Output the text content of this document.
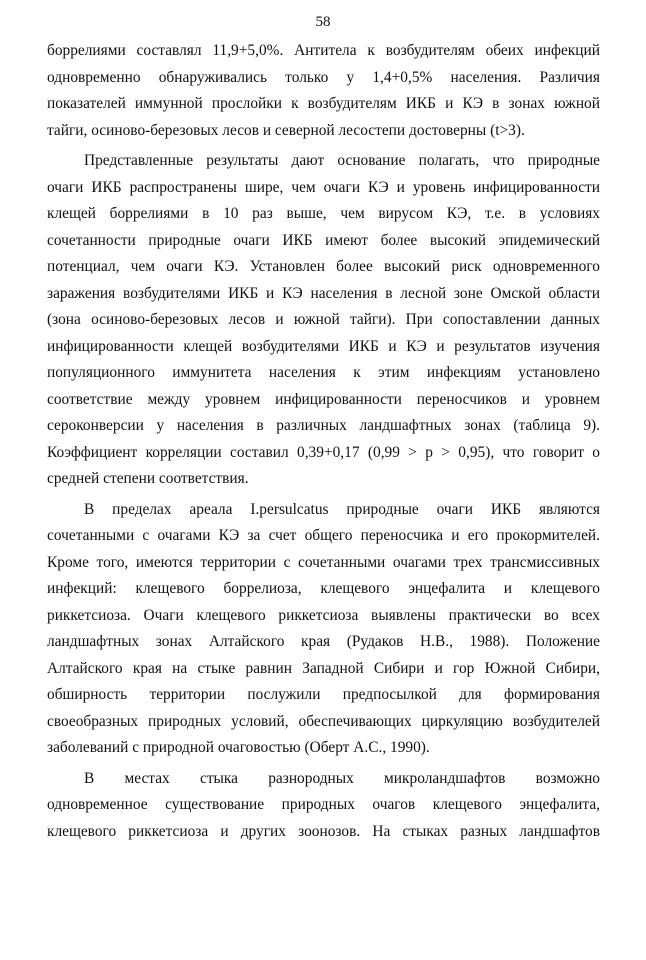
58
боррелиями составлял 11,9+5,0%. Антитела к возбудителям обеих инфекций
одновременно обнаруживались только у 1,4+0,5% населения. Различия
показателей иммунной прослойки к возбудителям ИКБ и КЭ в зонах южной
тайги, осиново-березовых лесов и северной лесостепи достоверны (t>3).
Представленные результаты дают основание полагать, что природные
очаги ИКБ распространены шире, чем очаги КЭ и уровень инфицированности
клещей боррелиями в 10 раз выше, чем вирусом КЭ, т.е. в условиях
сочетанности природные очаги ИКБ имеют более высокий эпидемический
потенциал, чем очаги КЭ. Установлен более высокий риск одновременного
заражения возбудителями ИКБ и КЭ населения в лесной зоне Омской области
(зона осиново-березовых лесов и южной тайги). При сопоставлении данных
инфицированности клещей возбудителями ИКБ и КЭ и результатов изучения
популяционного иммунитета населения к этим инфекциям установлено
соответствие между уровнем инфицированности переносчиков и уровнем
сероконверсии у населения в различных ландшафтных зонах (таблица 9).
Коэффициент корреляции составил 0,39+0,17 (0,99 > p > 0,95), что говорит о
средней степени соответствия.
В пределах ареала I.persulcatus природные очаги ИКБ являются
сочетанными с очагами КЭ за счет общего переносчика и его прокормителей.
Кроме того, имеются территории с сочетанными очагами трех трансмиссивных
инфекций: клещевого боррелиоза, клещевого энцефалита и клещевого
риккетсиоза. Очаги клещевого риккетсиоза выявлены практически во всех
ландшафтных зонах Алтайского края (Рудаков Н.В., 1988). Положение
Алтайского края на стыке равнин Западной Сибири и гор Южной Сибири,
обширность территории послужили предпосылкой для формирования
своеобразных природных условий, обеспечивающих циркуляцию возбудителей
заболеваний с природной очаговостью (Оберт А.С., 1990).
В местах стыка разнородных микроландшафтов возможно
одновременное существование природных очагов клещевого энцефалита,
клещевого риккетсиоза и других зоонозов. На стыках разных ландшафтов
